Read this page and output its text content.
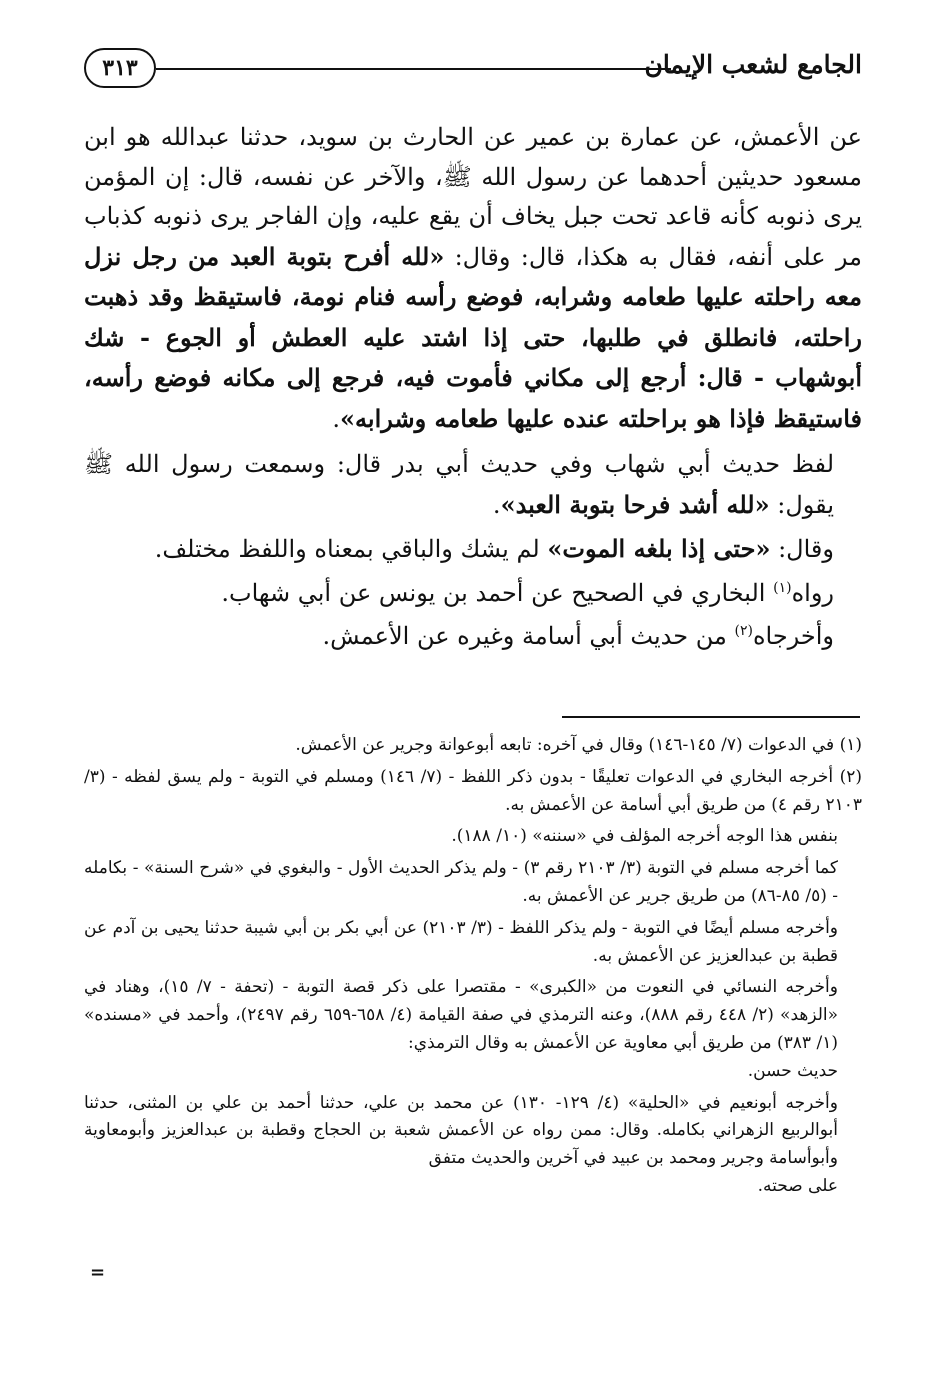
٣١٣	الجامع لشعب الإيمان

عن الأعمش، عن عمارة بن عمير عن الحارث بن سويد، حدثنا عبدالله هو ابن مسعود حديثين أحدهما عن رسول الله ﷺ، والآخر عن نفسه، قال: إن المؤمن يرى ذنوبه كأنه قاعد تحت جبل يخاف أن يقع عليه، وإن الفاجر يرى ذنوبه كذباب مر على أنفه، فقال به هكذا، قال: وقال: «لله أفرح بتوبة العبد من رجل نزل معه راحلته عليها طعامه وشرابه، فوضع رأسه فنام نومة، فاستيقظ وقد ذهبت راحلته، فانطلق في طلبها، حتى إذا اشتد عليه العطش أو الجوع - شك أبوشهاب - قال: أرجع إلى مكاني فأموت فيه، فرجع إلى مكانه فوضع رأسه، فاستيقظ فإذا هو براحلته عنده عليها طعامه وشرابه».

لفظ حديث أبي شهاب وفي حديث أبي بدر قال: وسمعت رسول الله ﷺ يقول: «لله أشد فرحا بتوبة العبد».

وقال: «حتى إذا بلغه الموت» لم يشك والباقي بمعناه واللفظ مختلف.

رواه$^{(١)}$ البخاري في الصحيح عن أحمد بن يونس عن أبي شهاب.

وأخرجاه$^{(٢)}$ من حديث أبي أسامة وغيره عن الأعمش.

(١) في الدعوات (٧/ ١٤٥-١٤٦) وقال في آخره: تابعه أبوعوانة وجرير عن الأعمش.

(٢) أخرجه البخاري في الدعوات تعليقًا - بدون ذكر اللفظ - (٧/ ١٤٦) ومسلم في التوبة - ولم يسق لفظه - (٣/ ٢١٠٣ رقم ٤) من طريق أبي أسامة عن الأعمش به.

بنفس هذا الوجه أخرجه المؤلف في «سننه» (١٠/ ١٨٨).

كما أخرجه مسلم في التوبة (٣/ ٢١٠٣ رقم ٣) - ولم يذكر الحديث الأول - والبغوي في «شرح السنة» - بكامله - (٥/ ٨٥-٨٦) من طريق جرير عن الأعمش به.

وأخرجه مسلم أيضًا في التوبة - ولم يذكر اللفظ - (٣/ ٢١٠٣) عن أبي بكر بن أبي شيبة حدثنا يحيى بن آدم عن قطبة بن عبدالعزيز عن الأعمش به.

وأخرجه النسائي في النعوت من «الكبرى» - مقتصرا على ذكر قصة التوبة - (تحفة - ٧/ ١٥)، وهناد في «الزهد» (٢/ ٤٤٨ رقم ٨٨٨)، وعنه الترمذي في صفة القيامة (٤/ ٦٥٨-٦٥٩ رقم ٢٤٩٧)، وأحمد في «مسنده» (١/ ٣٨٣) من طريق أبي معاوية عن الأعمش به وقال الترمذي:

حديث حسن.

وأخرجه أبونعيم في «الحلية» (٤/ ١٢٩- ١٣٠) عن محمد بن علي، حدثنا أحمد بن علي بن المثنى، حدثنا أبوالربيع الزهراني بكامله. وقال: ممن رواه عن الأعمش شعبة بن الحجاج وقطبة بن عبدالعزيز وأبومعاوية وأبوأسامة وجرير ومحمد بن عبيد في آخرين والحديث متفق

على صحته.

=
